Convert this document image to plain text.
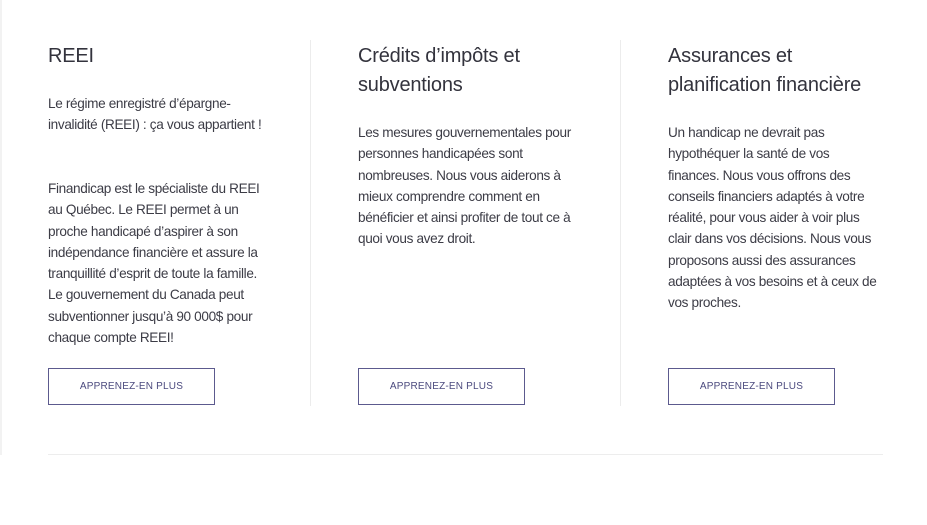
REEI
Le régime enregistré d’épargne-invalidité (REEI) : ça vous appartient !
Finandicap est le spécialiste du REEI au Québec. Le REEI permet à un proche handicapé d’aspirer à son indépendance financière et assure la tranquillité d’esprit de toute la famille. Le gouvernement du Canada peut subventionner jusqu’à 90 000$ pour chaque compte REEI!
APPRENEZ-EN PLUS
Crédits d’impôts et subventions
Les mesures gouvernementales pour personnes handicapées sont nombreuses. Nous vous aiderons à mieux comprendre comment en bénéficier et ainsi profiter de tout ce à quoi vous avez droit.
APPRENEZ-EN PLUS
Assurances et planification financière
Un handicap ne devrait pas hypothéquer la santé de vos finances. Nous vous offrons des conseils financiers adaptés à votre réalité, pour vous aider à voir plus clair dans vos décisions. Nous vous proposons aussi des assurances adaptées à vos besoins et à ceux de vos proches.
APPRENEZ-EN PLUS
